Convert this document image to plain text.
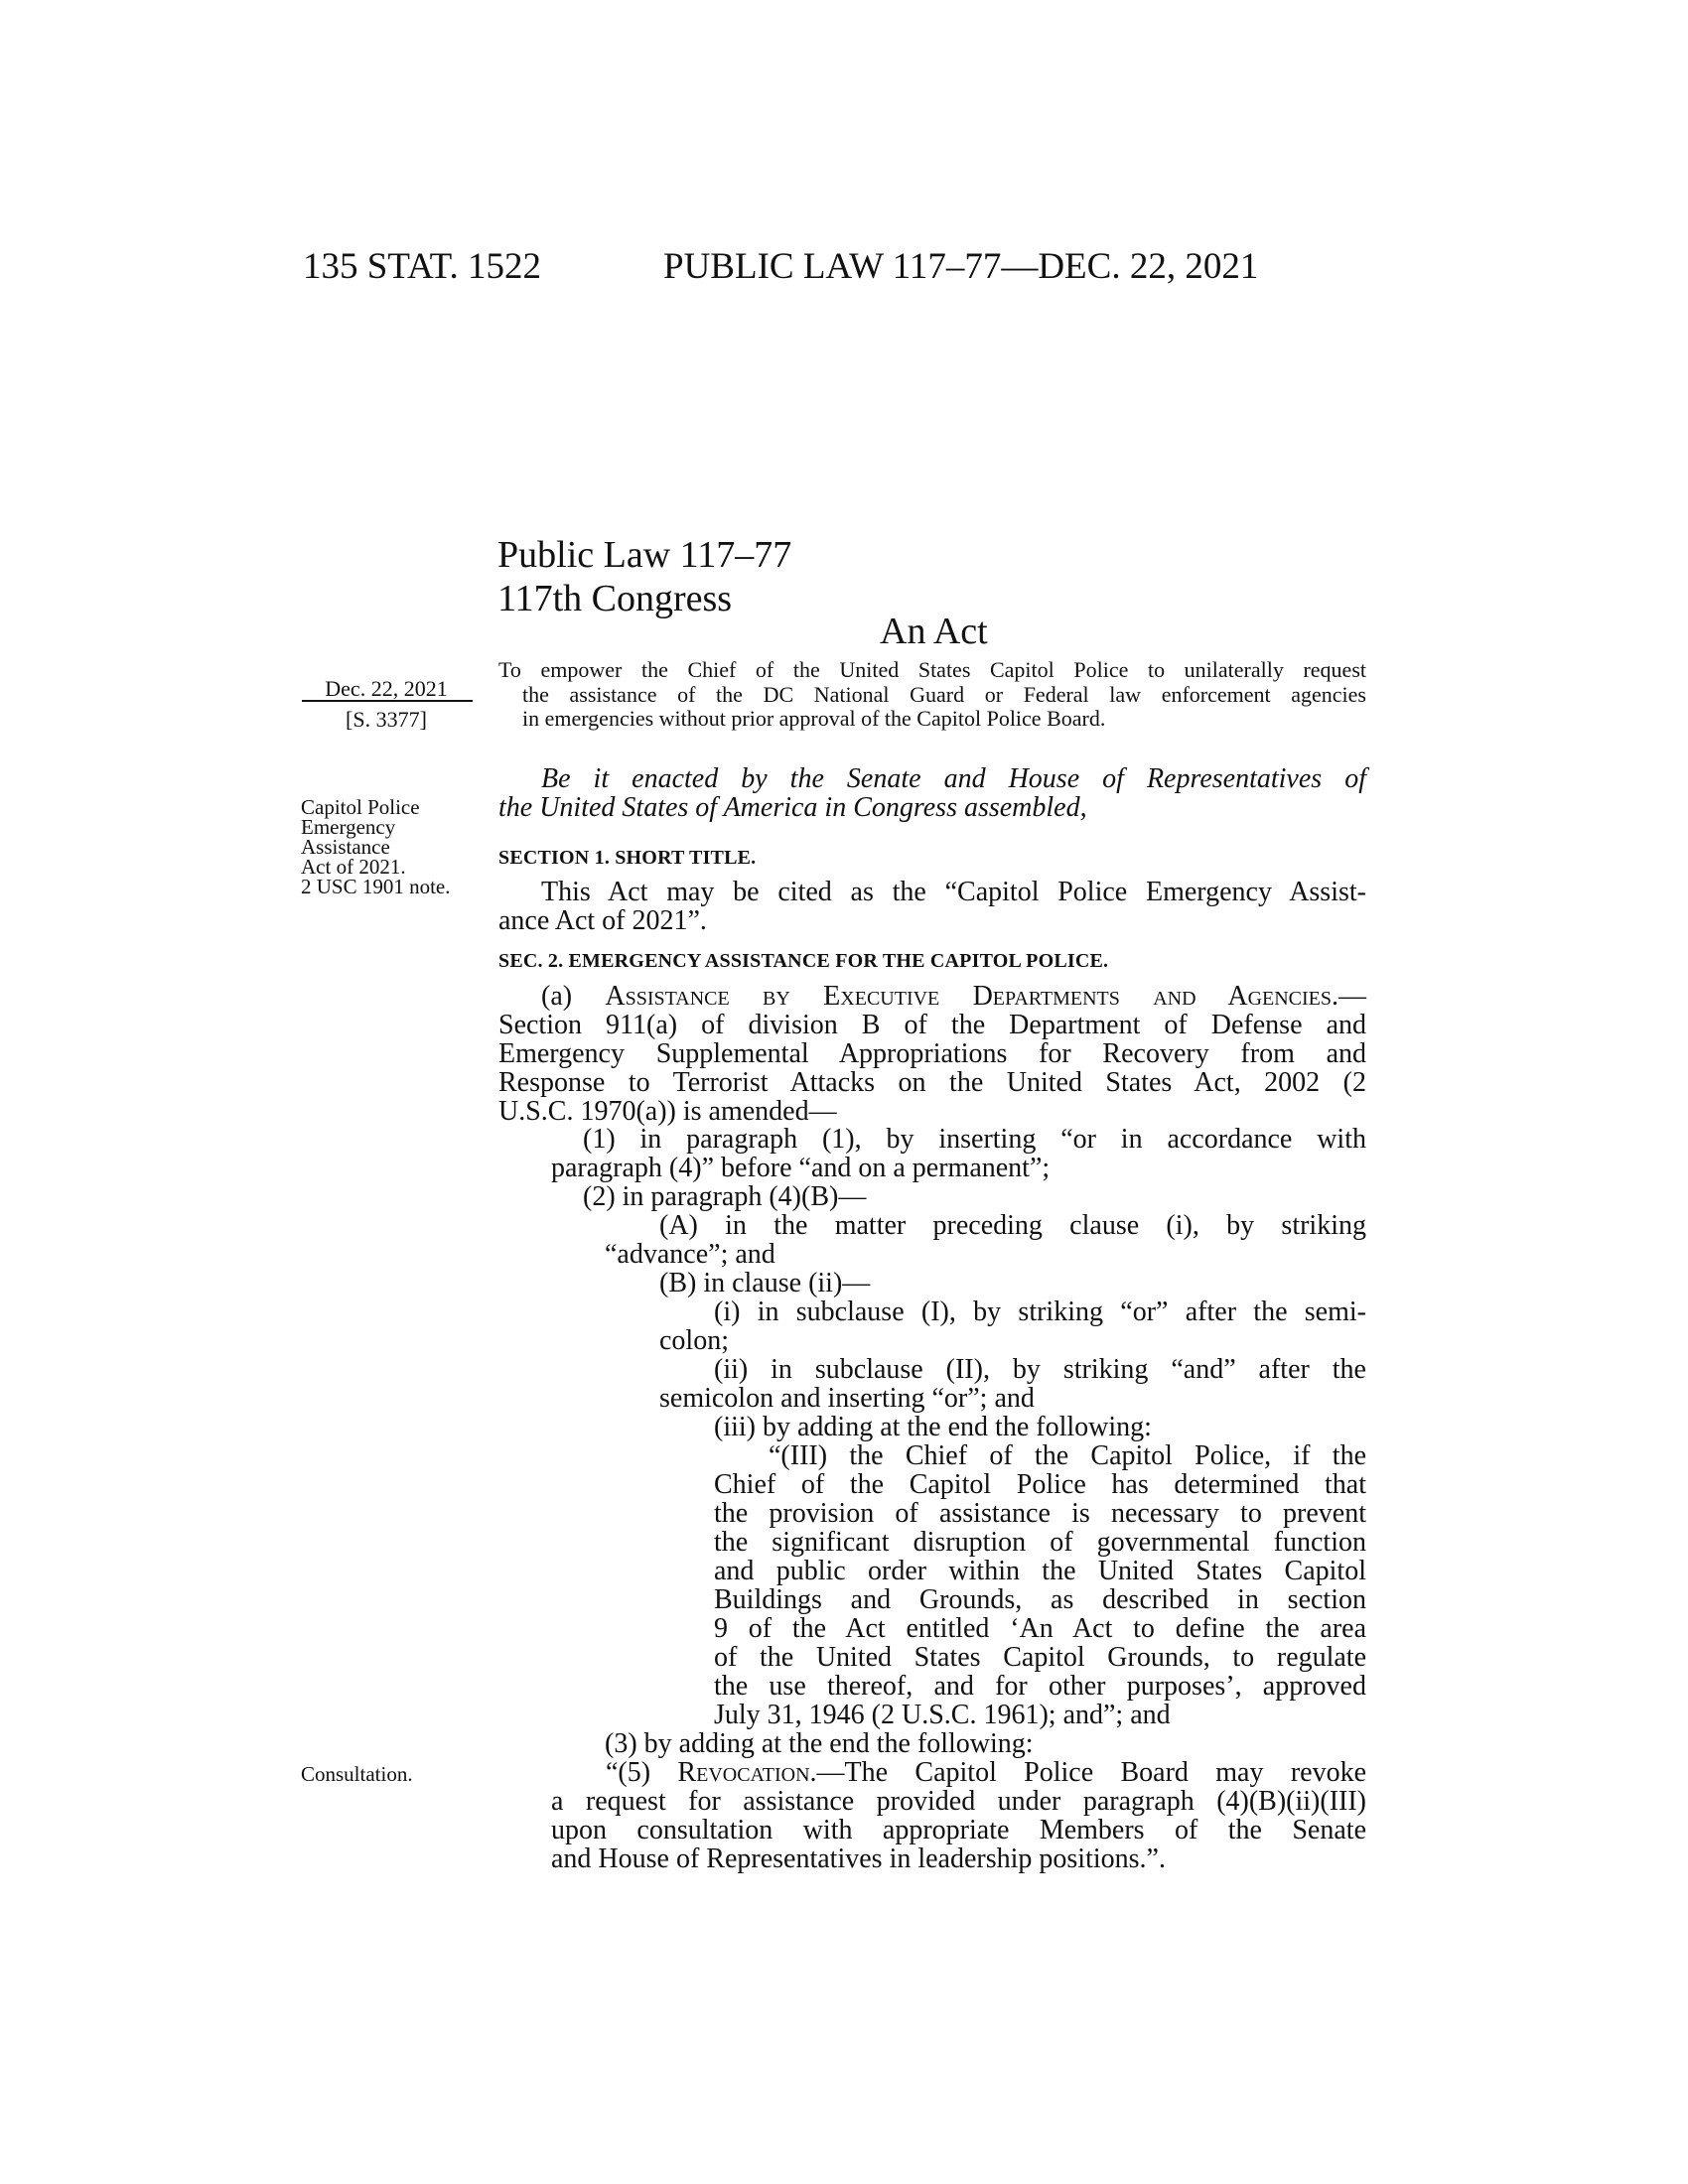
135 STAT. 1522	PUBLIC LAW 117–77—DEC. 22, 2021
Public Law 117–77
117th Congress
An Act
Dec. 22, 2021
[S. 3377]
To empower the Chief of the United States Capitol Police to unilaterally request
the assistance of the DC National Guard or Federal law enforcement agencies
in emergencies without prior approval of the Capitol Police Board.
Capitol Police
Emergency
Assistance
Act of 2021.
2 USC 1901 note.
Be it enacted by the Senate and House of Representatives of
the United States of America in Congress assembled,
SECTION 1. SHORT TITLE.
This Act may be cited as the “Capitol Police Emergency Assist-
ance Act of 2021”.
SEC. 2. EMERGENCY ASSISTANCE FOR THE CAPITOL POLICE.
(a) Assistance by Executive Departments and Agencies.—
Section 911(a) of division B of the Department of Defense and
Emergency Supplemental Appropriations for Recovery from and
Response to Terrorist Attacks on the United States Act, 2002 (2
U.S.C. 1970(a)) is amended—
(1) in paragraph (1), by inserting “or in accordance with
paragraph (4)” before “and on a permanent”;
(2) in paragraph (4)(B)—
(A) in the matter preceding clause (i), by striking
“advance”; and
(B) in clause (ii)—
(i) in subclause (I), by striking “or” after the semi-
colon;
(ii) in subclause (II), by striking “and” after the
semicolon and inserting “or”; and
(iii) by adding at the end the following:
“(III) the Chief of the Capitol Police, if the
Chief of the Capitol Police has determined that
the provision of assistance is necessary to prevent
the significant disruption of governmental function
and public order within the United States Capitol
Buildings and Grounds, as described in section
9 of the Act entitled ‘An Act to define the area
of the United States Capitol Grounds, to regulate
the use thereof, and for other purposes’, approved
July 31, 1946 (2 U.S.C. 1961); and”; and
(3) by adding at the end the following:
Consultation.	“(5) Revocation.—The Capitol Police Board may revoke
a request for assistance provided under paragraph (4)(B)(ii)(III)
upon consultation with appropriate Members of the Senate
and House of Representatives in leadership positions.”.
